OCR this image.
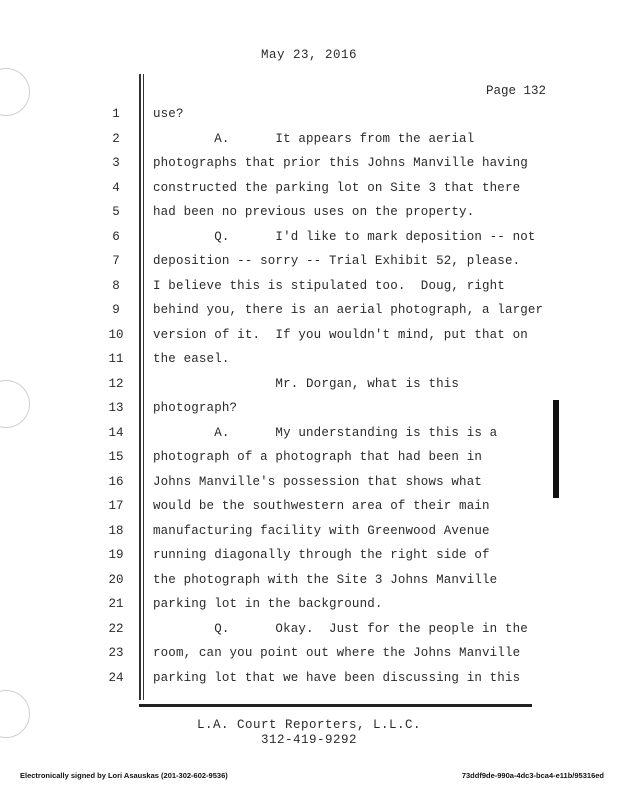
May 23, 2016
Page 132
1	use?
2	A.      It appears from the aerial
3	photographs that prior this Johns Manville having
4	constructed the parking lot on Site 3 that there
5	had been no previous uses on the property.
6	Q.      I'd like to mark deposition -- not
7	deposition -- sorry -- Trial Exhibit 52, please.
8	I believe this is stipulated too.  Doug, right
9	behind you, there is an aerial photograph, a larger
10	version of it.  If you wouldn't mind, put that on
11	the easel.
12	Mr. Dorgan, what is this
13	photograph?
14	A.      My understanding is this is a
15	photograph of a photograph that had been in
16	Johns Manville's possession that shows what
17	would be the southwestern area of their main
18	manufacturing facility with Greenwood Avenue
19	running diagonally through the right side of
20	the photograph with the Site 3 Johns Manville
21	parking lot in the background.
22	Q.      Okay.  Just for the people in the
23	room, can you point out where the Johns Manville
24	parking lot that we have been discussing in this
L.A. Court Reporters, L.L.C.
312-419-9292
Electronically signed by Lori Asauskas (201-302-602-9536)	73ddf9de-990a-4dc3-bca4-e11b/95316ed
